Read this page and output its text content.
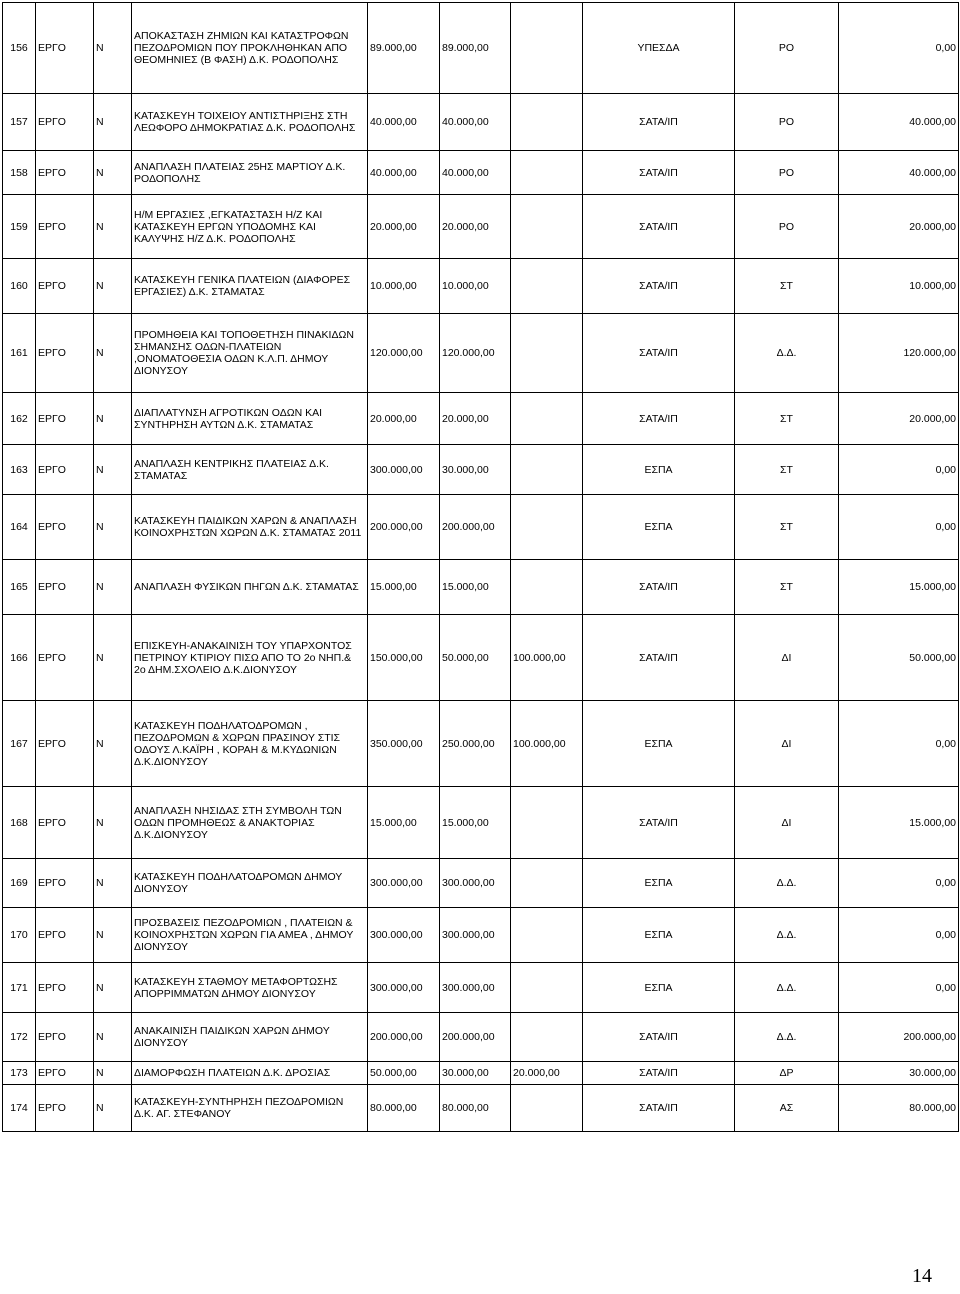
156	ΕΡΓΟ	Ν	ΑΠΟΚΑΣΤΑΣΗ ΖΗΜΙΩΝ ΚΑΙ ΚΑΤΑΣΤΡΟΦΩΝ ΠΕΖΟΔΡΟΜΙΩΝ ΠΟΥ ΠΡΟΚΛΗΘΗΚΑΝ ΑΠΟ ΘΕΟΜΗΝΙΕΣ (Β ΦΑΣΗ) Δ.Κ. ΡΟΔΟΠΟΛΗΣ	89.000,00	89.000,00		ΥΠΕΣΔΑ	ΡΟ	0,00
157	ΕΡΓΟ	Ν	ΚΑΤΑΣΚΕΥΗ ΤΟΙΧΕΙΟΥ ΑΝΤΙΣΤΗΡΙΞΗΣ ΣΤΗ ΛΕΩΦΟΡΟ ΔΗΜΟΚΡΑΤΙΑΣ Δ.Κ. ΡΟΔΟΠΟΛΗΣ	40.000,00	40.000,00		ΣΑΤΑ/ΙΠ	ΡΟ	40.000,00
158	ΕΡΓΟ	Ν	ΑΝΑΠΛΑΣΗ ΠΛΑΤΕΙΑΣ 25ΗΣ ΜΑΡΤΙΟΥ Δ.Κ. ΡΟΔΟΠΟΛΗΣ	40.000,00	40.000,00		ΣΑΤΑ/ΙΠ	ΡΟ	40.000,00
159	ΕΡΓΟ	Ν	Η/Μ ΕΡΓΑΣΙΕΣ ,ΕΓΚΑΤΑΣΤΑΣΗ Η/Ζ ΚΑΙ ΚΑΤΑΣΚΕΥΗ ΕΡΓΩΝ ΥΠΟΔΟΜΗΣ ΚΑΙ ΚΑΛΥΨΗΣ Η/Ζ Δ.Κ. ΡΟΔΟΠΟΛΗΣ	20.000,00	20.000,00		ΣΑΤΑ/ΙΠ	ΡΟ	20.000,00
160	ΕΡΓΟ	Ν	ΚΑΤΑΣΚΕΥΗ ΓΕΝΙΚΑ ΠΛΑΤΕΙΩΝ (ΔΙΑΦΟΡΕΣ ΕΡΓΑΣΙΕΣ) Δ.Κ. ΣΤΑΜΑΤΑΣ	10.000,00	10.000,00		ΣΑΤΑ/ΙΠ	ΣΤ	10.000,00
161	ΕΡΓΟ	Ν	ΠΡΟΜΗΘΕΙΑ ΚΑΙ ΤΟΠΟΘΕΤΗΣΗ ΠΙΝΑΚΙΔΩΝ ΣΗΜΑΝΣΗΣ ΟΔΩΝ-ΠΛΑΤΕΙΩΝ ,ΟΝΟΜΑΤΟΘΕΣΙΑ ΟΔΩΝ Κ.Λ.Π. ΔΗΜΟΥ ΔΙΟΝΥΣΟΥ	120.000,00	120.000,00		ΣΑΤΑ/ΙΠ	Δ.Δ.	120.000,00
162	ΕΡΓΟ	Ν	ΔΙΑΠΛΑΤΥΝΣΗ ΑΓΡΟΤΙΚΩΝ ΟΔΩΝ ΚΑΙ ΣΥΝΤΗΡΗΣΗ ΑΥΤΩΝ Δ.Κ. ΣΤΑΜΑΤΑΣ	20.000,00	20.000,00		ΣΑΤΑ/ΙΠ	ΣΤ	20.000,00
163	ΕΡΓΟ	Ν	ΑΝΑΠΛΑΣΗ ΚΕΝΤΡΙΚΗΣ ΠΛΑΤΕΙΑΣ Δ.Κ. ΣΤΑΜΑΤΑΣ	300.000,00	30.000,00		ΕΣΠΑ	ΣΤ	0,00
164	ΕΡΓΟ	Ν	ΚΑΤΑΣΚΕΥΗ ΠΑΙΔΙΚΩΝ ΧΑΡΩΝ & ΑΝΑΠΛΑΣΗ ΚΟΙΝΟΧΡΗΣΤΩΝ ΧΩΡΩΝ Δ.Κ. ΣΤΑΜΑΤΑΣ 2011	200.000,00	200.000,00		ΕΣΠΑ	ΣΤ	0,00
165	ΕΡΓΟ	Ν	ΑΝΑΠΛΑΣΗ ΦΥΣΙΚΩΝ ΠΗΓΩΝ Δ.Κ. ΣΤΑΜΑΤΑΣ	15.000,00	15.000,00		ΣΑΤΑ/ΙΠ	ΣΤ	15.000,00
166	ΕΡΓΟ	Ν	ΕΠΙΣΚΕΥΗ-ΑΝΑΚΑΙΝΙΣΗ ΤΟΥ ΥΠΑΡΧΟΝΤΟΣ ΠΕΤΡΙΝΟΥ ΚΤΙΡΙΟΥ ΠΙΣΩ ΑΠΟ ΤΟ 2ο ΝΗΠ.& 2ο ΔΗΜ.ΣΧΟΛΕΙΟ Δ.Κ.ΔΙΟΝΥΣΟΥ	150.000,00	50.000,00	100.000,00	ΣΑΤΑ/ΙΠ	ΔΙ	50.000,00
167	ΕΡΓΟ	Ν	ΚΑΤΑΣΚΕΥΗ ΠΟΔΗΛΑΤΟΔΡΟΜΩΝ , ΠΕΖΟΔΡΟΜΩΝ & ΧΩΡΩΝ ΠΡΑΣΙΝΟΥ ΣΤΙΣ ΟΔΟΥΣ Λ.ΚΑΪΡΗ , ΚΟΡΑΗ & Μ.ΚΥΔΩΝΙΩΝ Δ.Κ.ΔΙΟΝΥΣΟΥ	350.000,00	250.000,00	100.000,00	ΕΣΠΑ	ΔΙ	0,00
168	ΕΡΓΟ	Ν	ΑΝΑΠΛΑΣΗ ΝΗΣΙΔΑΣ ΣΤΗ ΣΥΜΒΟΛΗ ΤΩΝ ΟΔΩΝ ΠΡΟΜΗΘΕΩΣ & ΑΝΑΚΤΟΡΙΑΣ Δ.Κ.ΔΙΟΝΥΣΟΥ	15.000,00	15.000,00		ΣΑΤΑ/ΙΠ	ΔΙ	15.000,00
169	ΕΡΓΟ	Ν	ΚΑΤΑΣΚΕΥΗ ΠΟΔΗΛΑΤΟΔΡΟΜΩΝ ΔΗΜΟΥ ΔΙΟΝΥΣΟΥ	300.000,00	300.000,00		ΕΣΠΑ	Δ.Δ.	0,00
170	ΕΡΓΟ	Ν	ΠΡΟΣΒΑΣΕΙΣ ΠΕΖΟΔΡΟΜΙΩΝ , ΠΛΑΤΕΙΩΝ & ΚΟΙΝΟΧΡΗΣΤΩΝ ΧΩΡΩΝ ΓΙΑ ΑΜΕΑ , ΔΗΜΟΥ ΔΙΟΝΥΣΟΥ	300.000,00	300.000,00		ΕΣΠΑ	Δ.Δ.	0,00
171	ΕΡΓΟ	Ν	ΚΑΤΑΣΚΕΥΗ ΣΤΑΘΜΟΥ ΜΕΤΑΦΟΡΤΩΣΗΣ ΑΠΟΡΡΙΜΜΑΤΩΝ ΔΗΜΟΥ ΔΙΟΝΥΣΟΥ	300.000,00	300.000,00		ΕΣΠΑ	Δ.Δ.	0,00
172	ΕΡΓΟ	Ν	ΑΝΑΚΑΙΝΙΣΗ ΠΑΙΔΙΚΩΝ ΧΑΡΩΝ ΔΗΜΟΥ ΔΙΟΝΥΣΟΥ	200.000,00	200.000,00		ΣΑΤΑ/ΙΠ	Δ.Δ.	200.000,00
173	ΕΡΓΟ	Ν	ΔΙΑΜΟΡΦΩΣΗ ΠΛΑΤΕΙΩΝ Δ.Κ. ΔΡΟΣΙΑΣ	50.000,00	30.000,00	20.000,00	ΣΑΤΑ/ΙΠ	ΔΡ	30.000,00
174	ΕΡΓΟ	Ν	ΚΑΤΑΣΚΕΥΗ-ΣΥΝΤΗΡΗΣΗ ΠΕΖΟΔΡΟΜΙΩΝ Δ.Κ. ΑΓ. ΣΤΕΦΑΝΟΥ	80.000,00	80.000,00		ΣΑΤΑ/ΙΠ	ΑΣ	80.000,00
14
